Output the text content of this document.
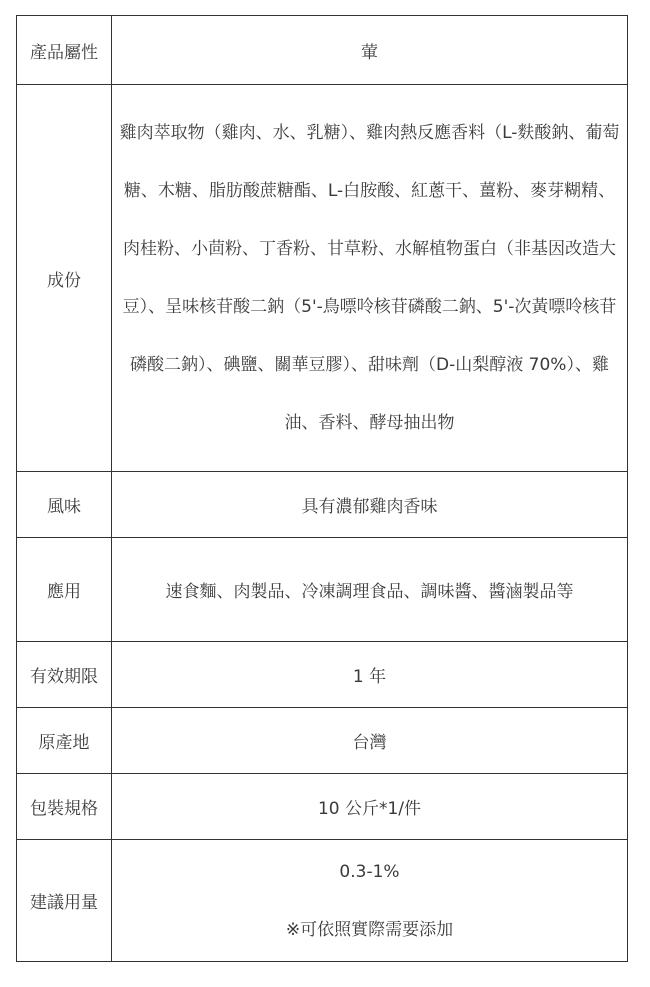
產品屬性	葷
成份	雞肉萃取物（雞肉、水、乳糖）、雞肉熱反應香料（L-麩酸鈉、葡萄糖、木糖、脂肪酸蔗糖酯、L-白胺酸、紅蔥干、薑粉、麥芽糊精、肉桂粉、小茴粉、丁香粉、甘草粉、水解植物蛋白（非基因改造大豆）、呈味核苷酸二鈉（5'-鳥嘌呤核苷磷酸二鈉、5'-次黃嘌呤核苷磷酸二鈉）、碘鹽、關華豆膠）、甜味劑（D-山梨醇液 70%）、雞油、香料、酵母抽出物

風味	具有濃郁雞肉香味
應用	速食麵、肉製品、冷凍調理食品、調味醬、醬滷製品等
有效期限	1 年
原產地	台灣
包裝規格	10 公斤*1/件
建議用量	0.3-1%
※可依照實際需要添加
